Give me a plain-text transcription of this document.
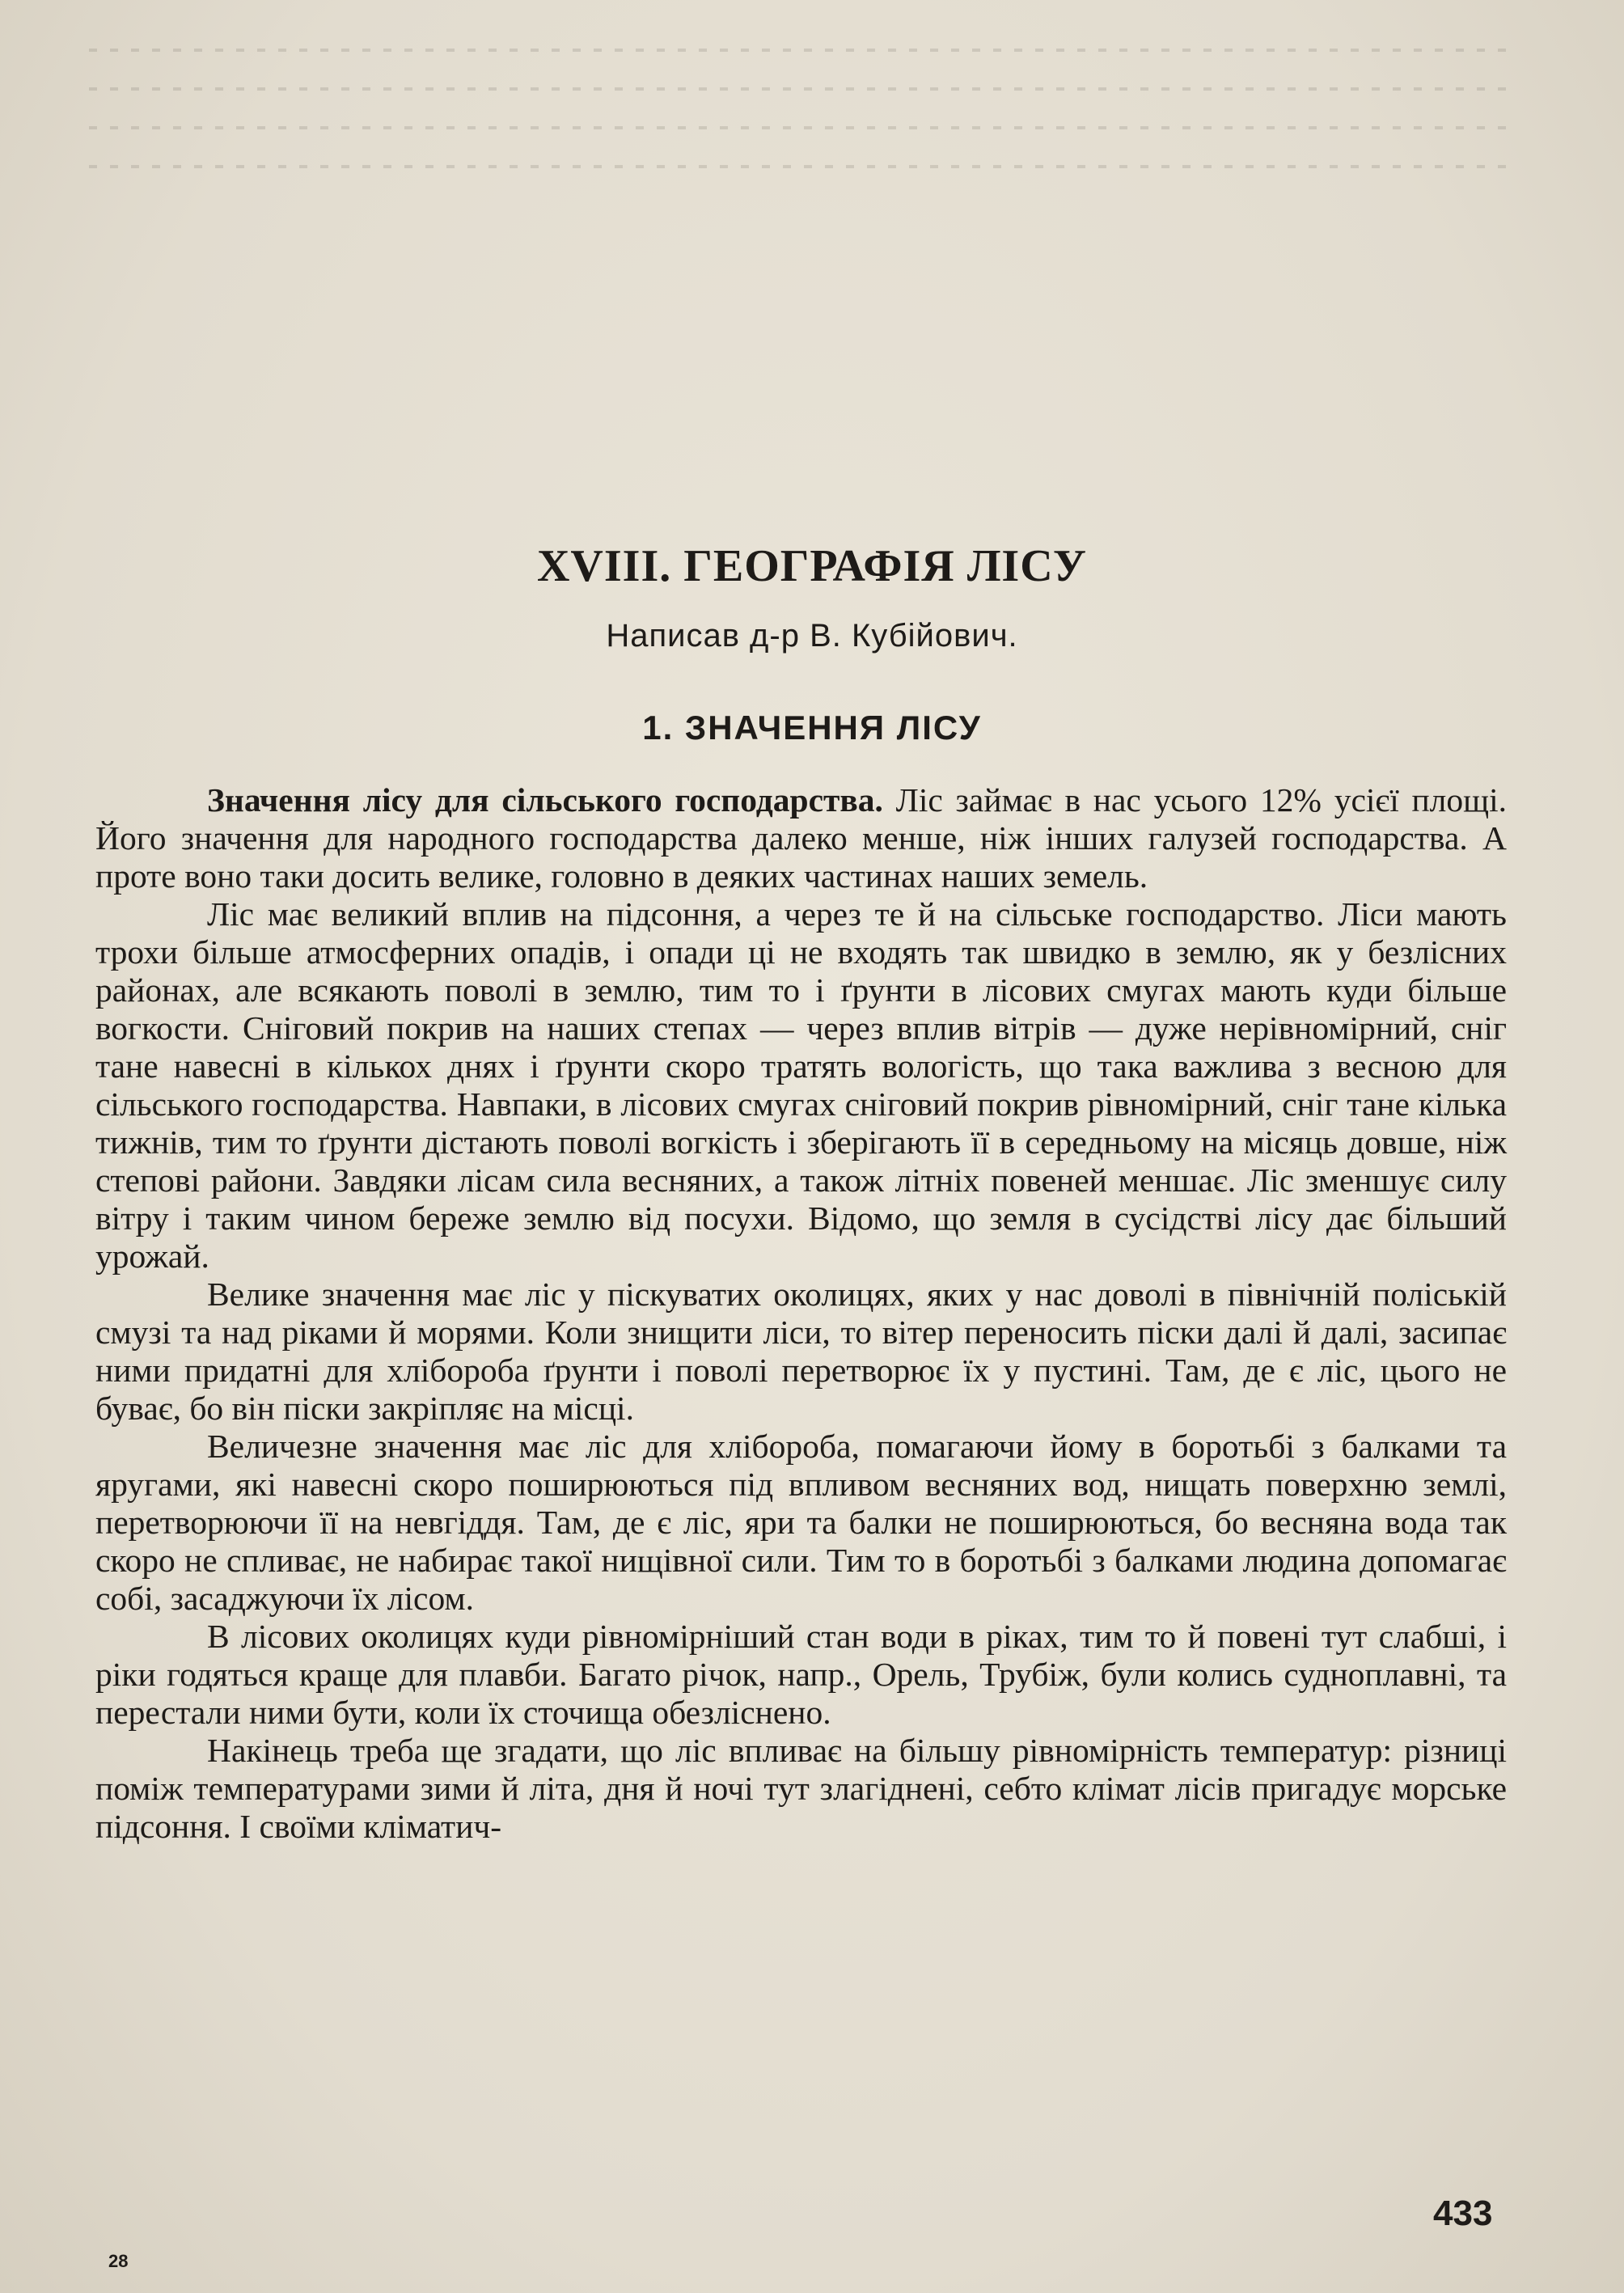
XVIII. ГЕОГРАФІЯ ЛІСУ
Написав д-р В. Кубійович.
1. ЗНАЧЕННЯ ЛІСУ

Значення лісу для сільського господарства. Ліс займає в нас усього 12% усієї площі. Його значення для народного господарства далеко менше, ніж інших галузей господарства. А проте воно таки досить велике, головно в деяких частинах наших земель.

Ліс має великий вплив на підсоння, а через те й на сільське господарство. Ліси мають трохи більше атмосферних опадів, і опади ці не входять так швидко в землю, як у безлісних районах, але всякають поволі в землю, тим то і ґрунти в лісових смугах мають куди більше вогкости. Сніговий покрив на наших степах — через вплив вітрів — дуже нерівномірний, сніг тане навесні в кількох днях і ґрунти скоро тратять вологість, що така важлива з весною для сільського господарства. Навпаки, в лісових смугах сніговий покрив рівномірний, сніг тане кілька тижнів, тим то ґрунти дістають поволі вогкість і зберігають її в середньому на місяць довше, ніж степові райони. Завдяки лісам сила весняних, а також літніх повеней меншає. Ліс зменшує силу вітру і таким чином береже землю від посухи. Відомо, що земля в сусідстві лісу дає більший урожай.

Велике значення має ліс у піскуватих околицях, яких у нас доволі в північній поліській смузі та над ріками й морями. Коли знищити ліси, то вітер переносить піски далі й далі, засипає ними придатні для хлібороба ґрунти і поволі перетворює їх у пустині. Там, де є ліс, цього не буває, бо він піски закріпляє на місці.

Величезне значення має ліс для хлібороба, помагаючи йому в боротьбі з балками та яругами, які навесні скоро поширюються під впливом весняних вод, нищать поверхню землі, перетворюючи її на невгіддя. Там, де є ліс, яри та балки не поширюються, бо весняна вода так скоро не спливає, не набирає такої нищівної сили. Тим то в боротьбі з балками людина допомагає собі, засаджуючи їх лісом.

В лісових околицях куди рівномірніший стан води в ріках, тим то й повені тут слабші, і ріки годяться краще для плавби. Багато річок, напр., Орель, Трубіж, були колись судноплавні, та перестали ними бути, коли їх сточища обезліснено.

Накінець треба ще згадати, що ліс впливає на більшу рівномірність температур: різниці поміж температурами зими й літа, дня й ночі тут злагіднені, себто клімат лісів пригадує морське підсоння. І своїми кліматич-

433
28
